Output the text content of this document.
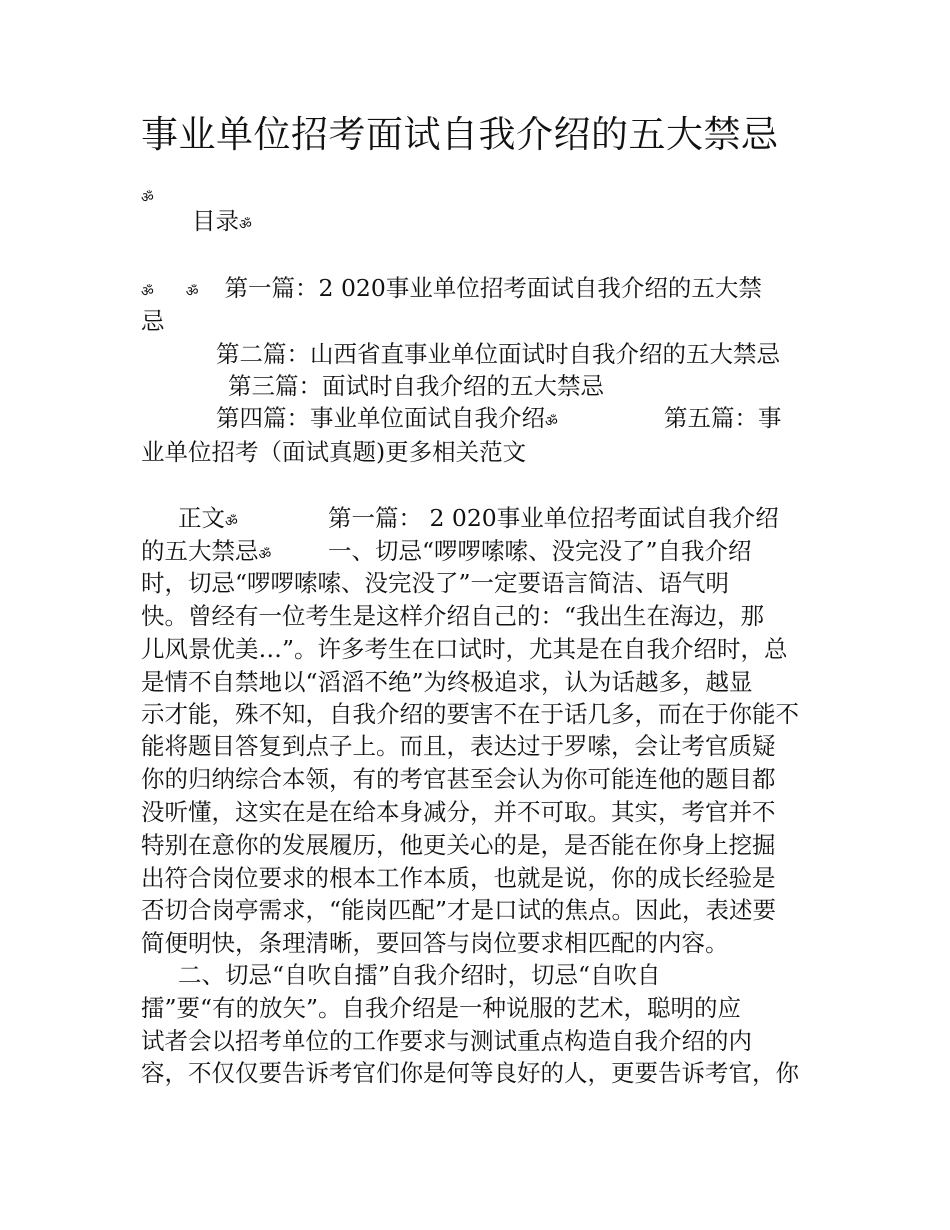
事业单位招考面试自我介绍的五大禁忌
ॐ
目录ॐ
ॐ ॐ 第一篇：2 020事业单位招考面试自我介绍的五大禁
忌
第二篇：山西省直事业单位面试时自我介绍的五大禁忌
第三篇：面试时自我介绍的五大禁忌
第四篇：事业单位面试自我介绍ॐ	第五篇：事
业单位招考（面试真题)更多相关范文
正文ॐ	第一篇： 2 020事业单位招考面试自我介绍
的五大禁忌ॐ 一、切忌“啰啰嗦嗦、没完没了”自我介绍
时，切忌“啰啰嗦嗦、没完没了”一定要语言简洁、语气明
快。曾经有一位考生是这样介绍自己的：“我出生在海边，那
儿风景优美…”。许多考生在口试时，尤其是在自我介绍时，总
是情不自禁地以“滔滔不绝”为终极追求，认为话越多，越显
示才能，殊不知，自我介绍的要害不在于话几多，而在于你能不
能将题目答复到点子上。而且，表达过于罗嗦，会让考官质疑
你的归纳综合本领，有的考官甚至会认为你可能连他的题目都
没听懂，这实在是在给本身减分，并不可取。其实，考官并不
特别在意你的发展履历，他更关心的是，是否能在你身上挖掘
出符合岗位要求的根本工作本质，也就是说，你的成长经验是
否切合岗亭需求，“能岗匹配”才是口试的焦点。因此，表述要
简便明快，条理清晰，要回答与岗位要求相匹配的内容。
二、切忌“自吹自擂”自我介绍时，切忌“自吹自
擂”要“有的放矢”。自我介绍是一种说服的艺术，聪明的应
试者会以招考单位的工作要求与测试重点构造自我介绍的内
容，不仅仅要告诉考官们你是何等良好的人，更要告诉考官，你
